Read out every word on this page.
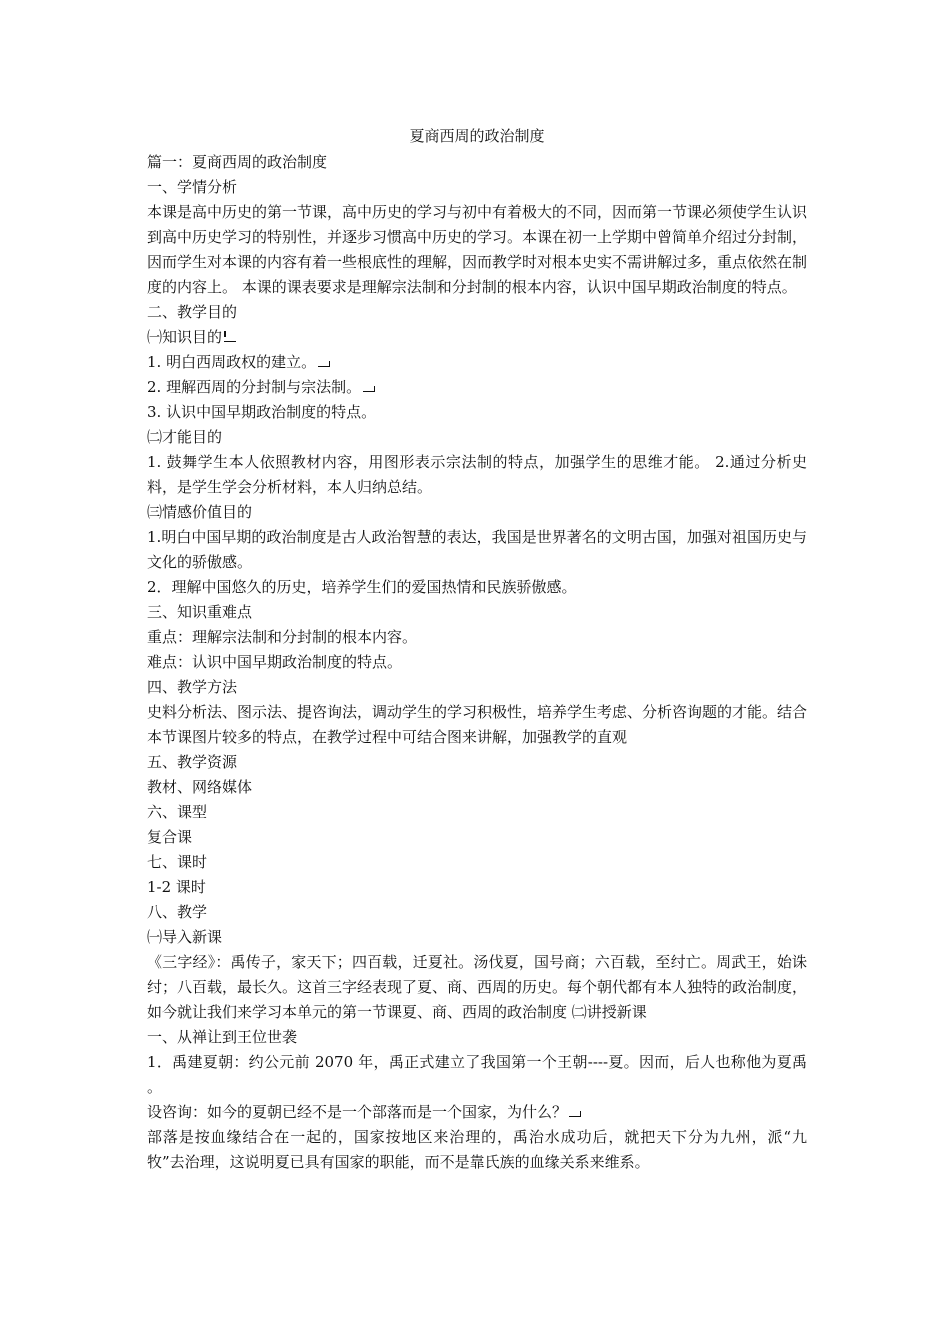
夏商西周的政治制度
篇一：夏商西周的政治制度
一、学情分析
本课是高中历史的第一节课，高中历史的学习与初中有着极大的不同，因而第一节课必须使学生认识到高中历史学习的特别性，并逐步习惯高中历史的学习。本课在初一上学期中曾简单介绍过分封制，因而学生对本课的内容有着一些根底性的理解，因而教学时对根本史实不需讲解过多，重点依然在制度的内容上。 本课的课表要求是理解宗法制和分封制的根本内容，认识中国早期政治制度的特点。
二、教学目的
㈠知识目的
1. 明白西周政权的建立。
2. 理解西周的分封制与宗法制。
3. 认识中国早期政治制度的特点。
㈡才能目的
1. 鼓舞学生本人依照教材内容，用图形表示宗法制的特点，加强学生的思维才能。 2.通过分析史料，是学生学会分析材料，本人归纳总结。
㈢情感价值目的
1.明白中国早期的政治制度是古人政治智慧的表达，我国是世界著名的文明古国，加强对祖国历史与文化的骄傲感。
2．理解中国悠久的历史，培养学生们的爱国热情和民族骄傲感。
三、知识重难点
重点：理解宗法制和分封制的根本内容。
难点：认识中国早期政治制度的特点。
四、教学方法
史料分析法、图示法、提咨询法，调动学生的学习积极性，培养学生考虑、分析咨询题的才能。结合本节课图片较多的特点，在教学过程中可结合图来讲解，加强教学的直观
五、教学资源
教材、网络媒体
六、课型
复合课
七、课时
1-2 课时
八、教学
㈠导入新课
《三字经》：禹传子，家天下；四百载，迁夏社。汤伐夏，国号商；六百载，至纣亡。周武王，始诛纣；八百载，最长久。这首三字经表现了夏、商、西周的历史。每个朝代都有本人独特的政治制度，如今就让我们来学习本单元的第一节课夏、商、西周的政治制度 ㈡讲授新课
一、从禅让到王位世袭
1．禹建夏朝：约公元前 2070 年，禹正式建立了我国第一个王朝----夏。因而，后人也称他为夏禹 。
设咨询：如今的夏朝已经不是一个部落而是一个国家，为什么？
部落是按血缘结合在一起的，国家按地区来治理的，禹治水成功后，就把天下分为九州，派“九牧”去治理，这说明夏已具有国家的职能，而不是靠氏族的血缘关系来维系。
